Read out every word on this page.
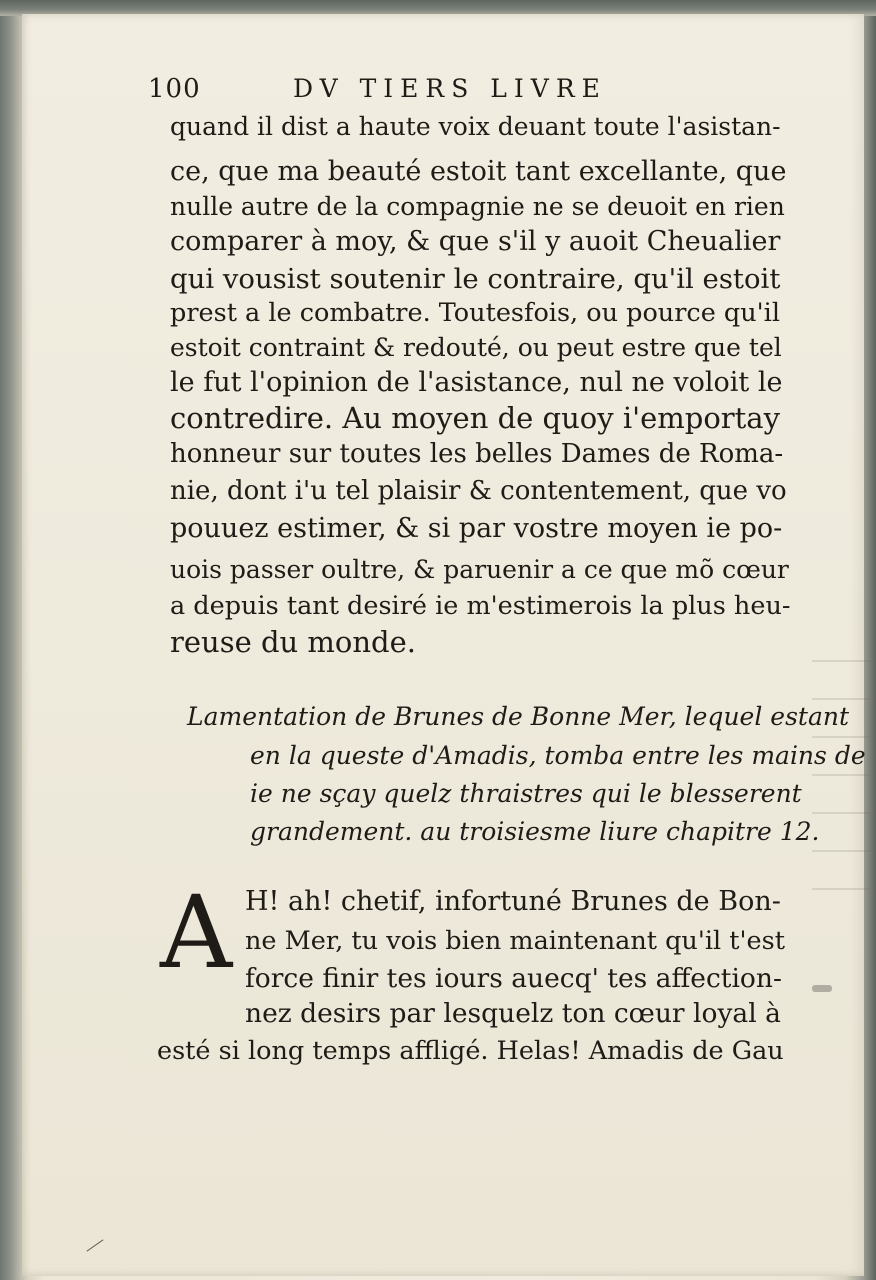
100	DV TIERS LIVRE
quand il dist a haute voix deuant toute l'asistan-
ce, que ma beauté estoit tant excellante, que
nulle autre de la compagnie ne se deuoit en rien
comparer à moy, & que s'il y auoit Cheualier
qui vousist soutenir le contraire, qu'il estoit
prest a le combatre. Toutesfois, ou pource qu'il
estoit contraint & redouté, ou peut estre que tel
le fut l'opinion de l'asistance, nul ne voloit le
contredire. Au moyen de quoy i'emportay
honneur sur toutes les belles Dames de Roma-
nie, dont i'u tel plaisir & contentement, que vo
pouuez estimer, & si par vostre moyen ie po-
uois passer oultre, & paruenir a ce que mõ cœur
a depuis tant desiré ie m'estimerois la plus heu-
reuse du monde.
Lamentation de Brunes de Bonne Mer, lequel estant
en la queste d'Amadis, tomba entre les mains de
ie ne sçay quelz thraistres qui le blesserent
grandement. au troisiesme liure chapitre 12.
A H! ah! chetif, infortuné Brunes de Bon-
ne Mer, tu vois bien maintenant qu'il t'est
force finir tes iours auecq' tes affection-
nez desirs par lesquelz ton cœur loyal à
esté si long temps affligé. Helas! Amadis de Gau
